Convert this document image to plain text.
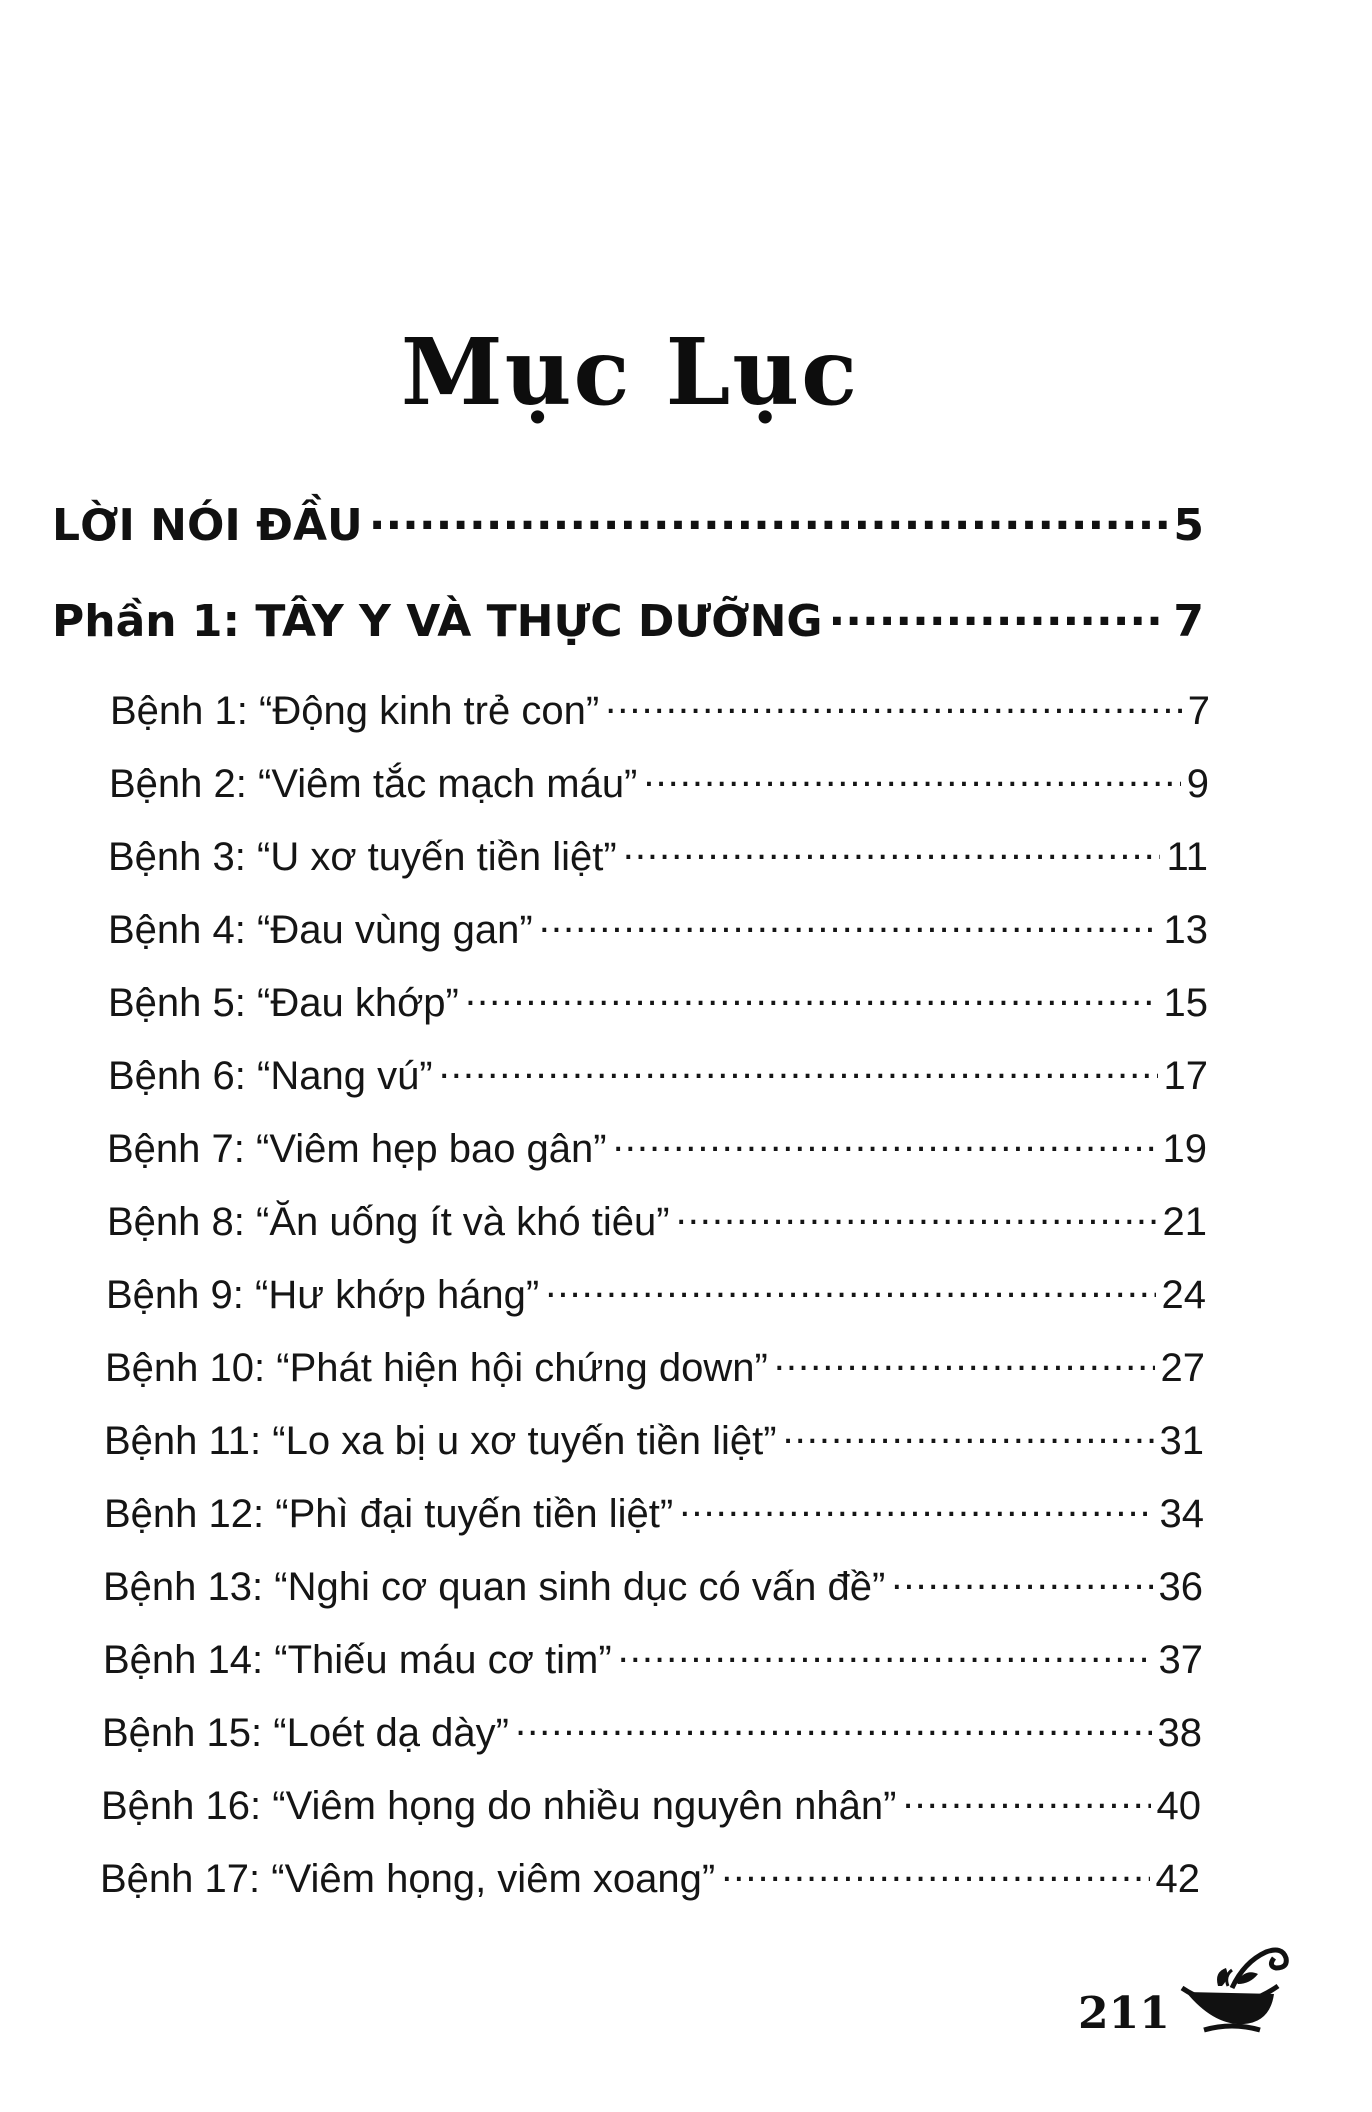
Mục Lục
LỜI NÓI ĐẦU .....	5
Phần 1: TÂY Y VÀ THỰC DƯỠNG .....	7
Bệnh 1: “Động kinh trẻ con” .....	7
Bệnh 2: “Viêm tắc mạch máu” .....	9
Bệnh 3: “U xơ tuyến tiền liệt” .....	11
Bệnh 4: “Đau vùng gan” .....	13
Bệnh 5: “Đau khớp” .....	15
Bệnh 6: “Nang vú” .....	17
Bệnh 7: “Viêm hẹp bao gân” .....	19
Bệnh 8: “Ăn uống ít và khó tiêu” .....	21
Bệnh 9: “Hư khớp háng” .....	24
Bệnh 10: “Phát hiện hội chứng down” .....	27
Bệnh 11: “Lo xa bị u xơ tuyến tiền liệt” .....	31
Bệnh 12: “Phì đại tuyến tiền liệt” .....	34
Bệnh 13: “Nghi cơ quan sinh dục có vấn đề” .....	36
Bệnh 14: “Thiếu máu cơ tim” .....	37
Bệnh 15: “Loét dạ dày” .....	38
Bệnh 16: “Viêm họng do nhiều nguyên nhân” .....	40
Bệnh 17: “Viêm họng, viêm xoang” .....	42
211
